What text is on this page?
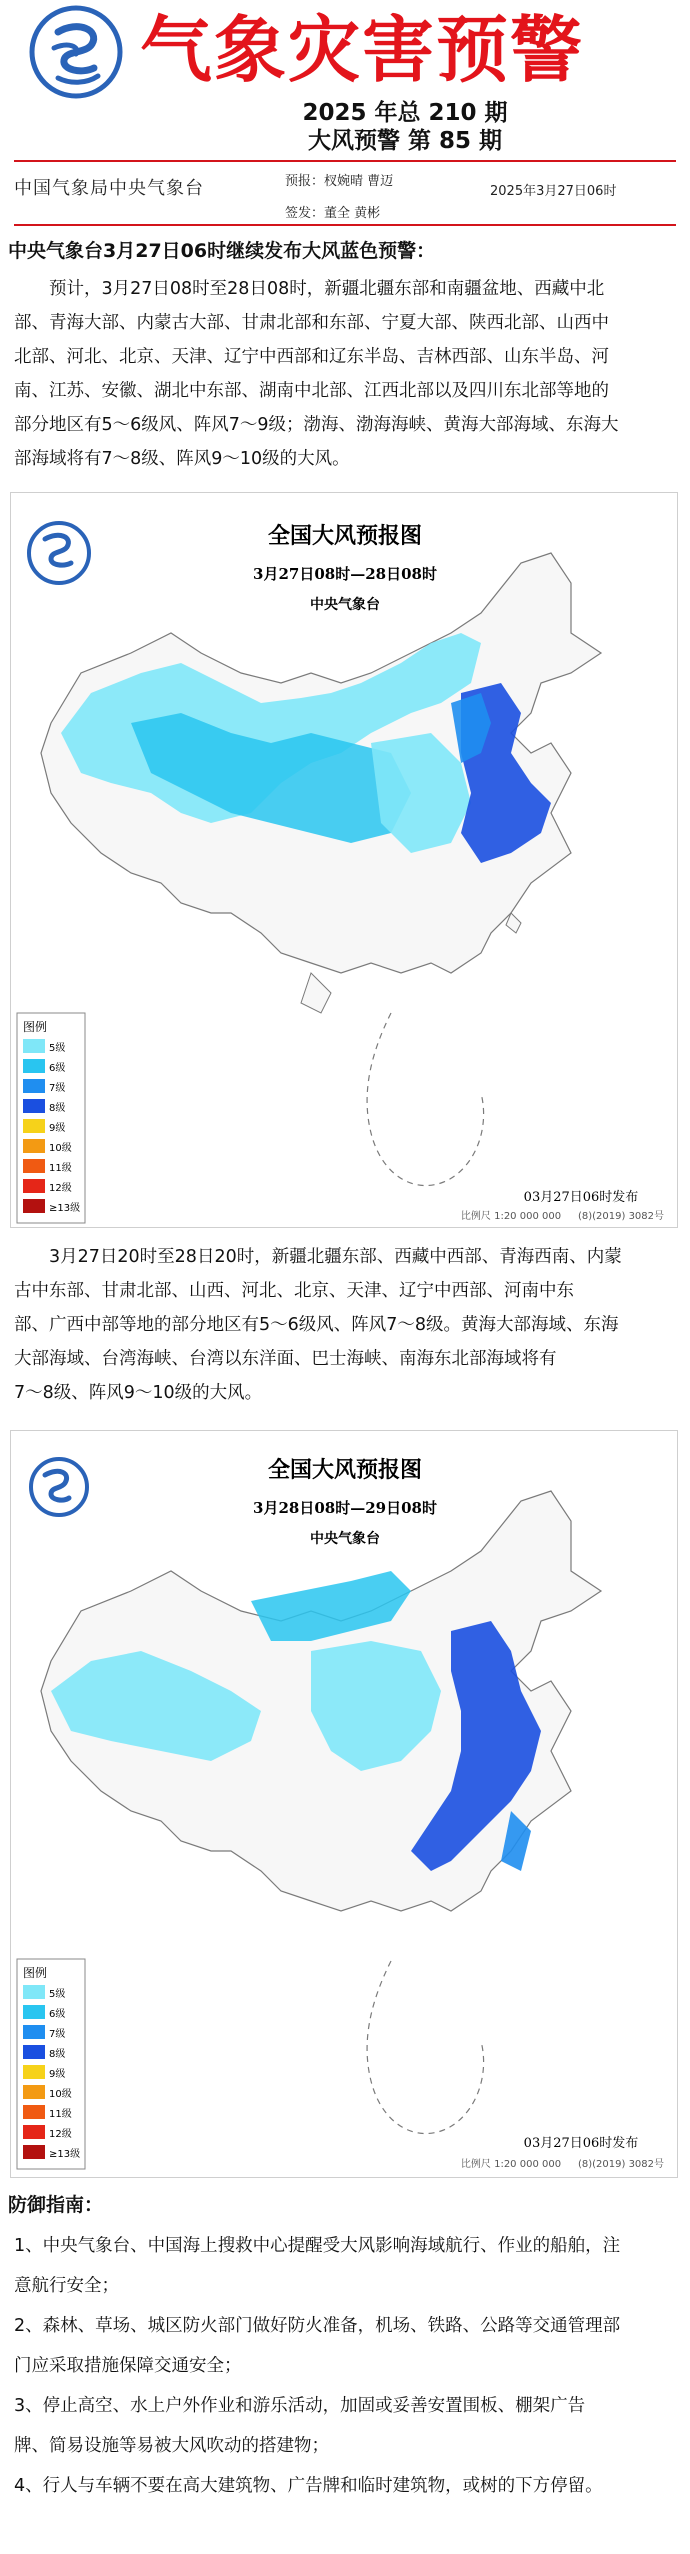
气象灾害预警
2025 年总 210 期
大风预警 第 85 期
中国气象局中央气象台	预报：杈婉晴 曹迈
签发：董全 黄彬
2025年3月27日06时
中央气象台3月27日06时继续发布大风蓝色预警：
预计，3月27日08时至28日08时，新疆北疆东部和南疆盆地、西藏中北
部、青海大部、内蒙古大部、甘肃北部和东部、宁夏大部、陕西北部、山西中
北部、河北、北京、天津、辽宁中西部和辽东半岛、吉林西部、山东半岛、河
南、江苏、安徽、湖北中东部、湖南中北部、江西北部以及四川东北部等地的
部分地区有5～6级风、阵风7～9级；渤海、渤海海峡、黄海大部海域、东海大
部海域将有7～8级、阵风9～10级的大风。
全国大风预报图
3月27日08时—28日08时
中央气象台
图例
5级
6级
7级
8级
9级
10级
11级
12级
≥13级
03月27日06时发布
比例尺 1:20 000 000 (8)(2019) 3082号
3月27日20时至28日20时，新疆北疆东部、西藏中西部、青海西南、内蒙
古中东部、甘肃北部、山西、河北、北京、天津、辽宁中西部、河南中东
部、广西中部等地的部分地区有5～6级风、阵风7～8级。黄海大部海域、东海
大部海域、台湾海峡、台湾以东洋面、巴士海峡、南海东北部海域将有
7～8级、阵风9～10级的大风。
全国大风预报图
3月28日08时—29日08时
中央气象台
图例
5级
6级
7级
8级
9级
10级
11级
12级
≥13级
03月27日06时发布
比例尺 1:20 000 000 (8)(2019) 3082号
防御指南：
1、中央气象台、中国海上搜救中心提醒受大风影响海域航行、作业的船舶，注
意航行安全；
2、森林、草场、城区防火部门做好防火准备，机场、铁路、公路等交通管理部
门应采取措施保障交通安全；
3、停止高空、水上户外作业和游乐活动，加固或妥善安置围板、棚架广告
牌、简易设施等易被大风吹动的搭建物；
4、行人与车辆不要在高大建筑物、广告牌和临时建筑物，或树的下方停留。
